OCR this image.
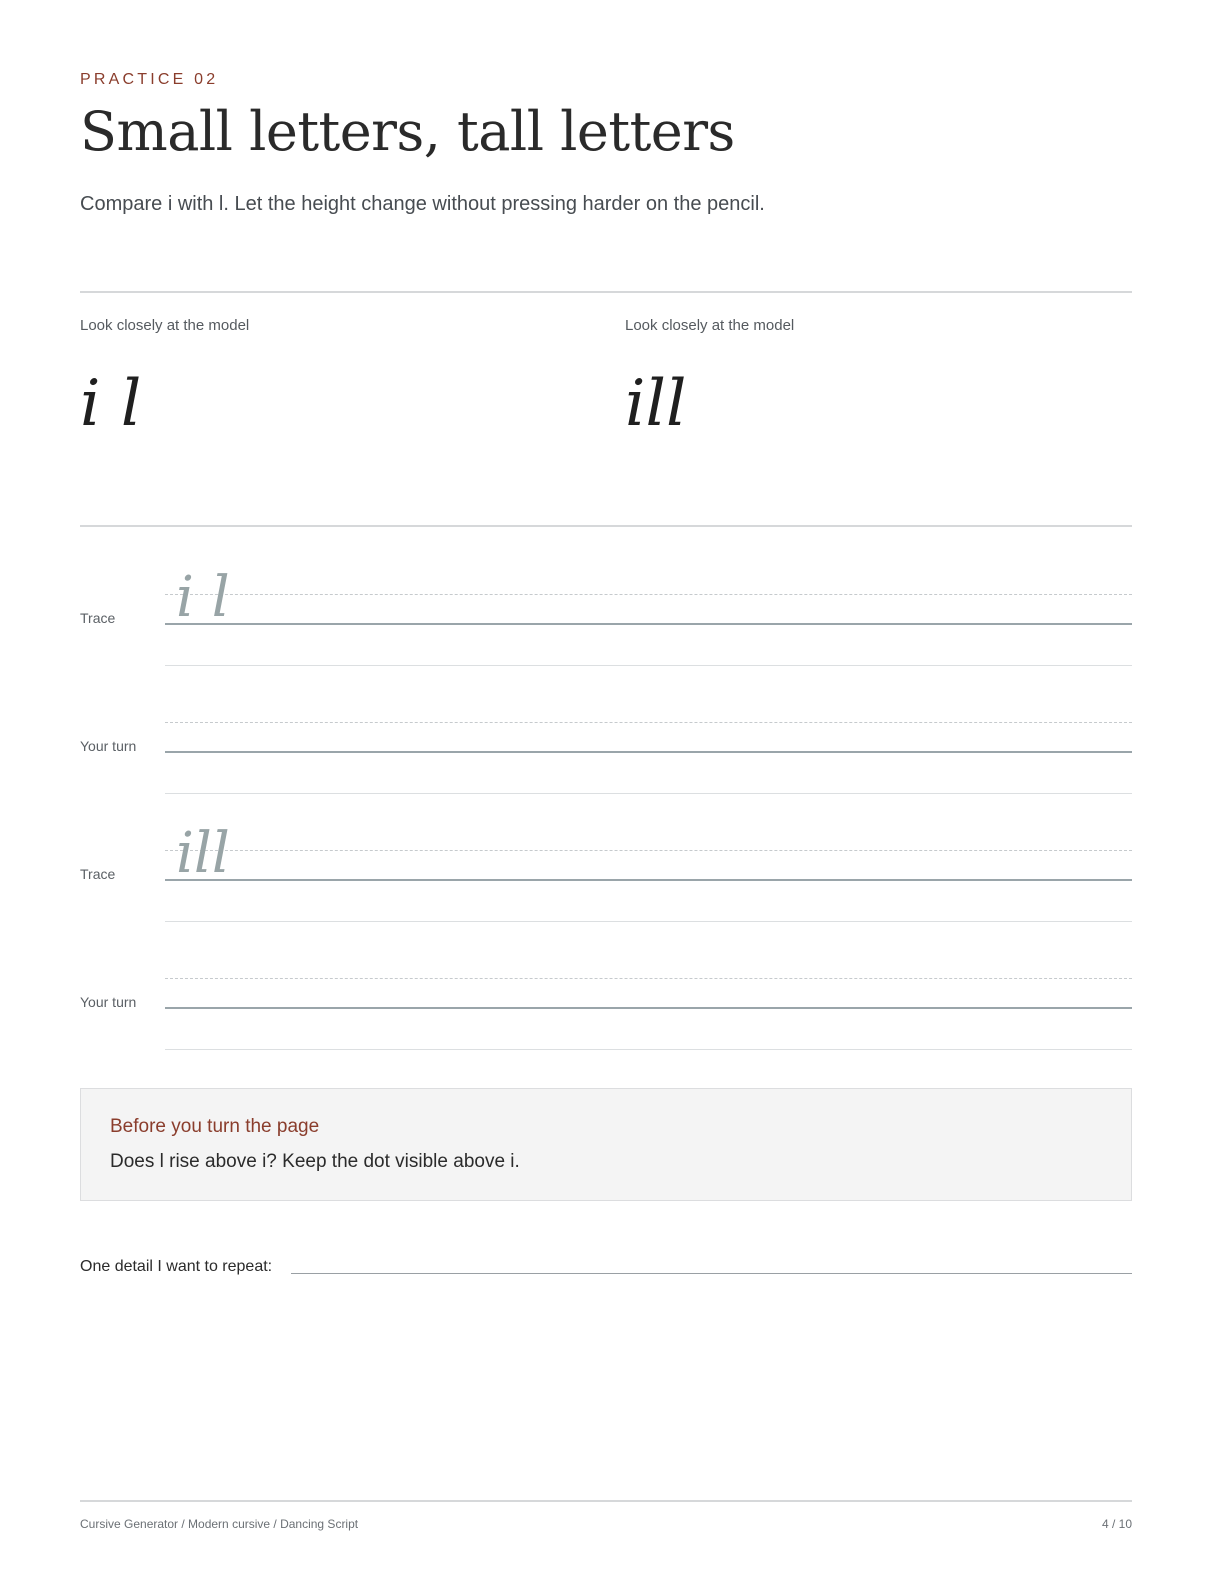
PRACTICE 02
Small letters, tall letters
Compare i with l. Let the height change without pressing harder on the pencil.
Look closely at the model
i l
Look closely at the model
ill
Trace i l
Your turn
Trace ill
Your turn
Before you turn the page
Does l rise above i? Keep the dot visible above i.
One detail I want to repeat:
Cursive Generator / Modern cursive / Dancing Script	4 / 10
